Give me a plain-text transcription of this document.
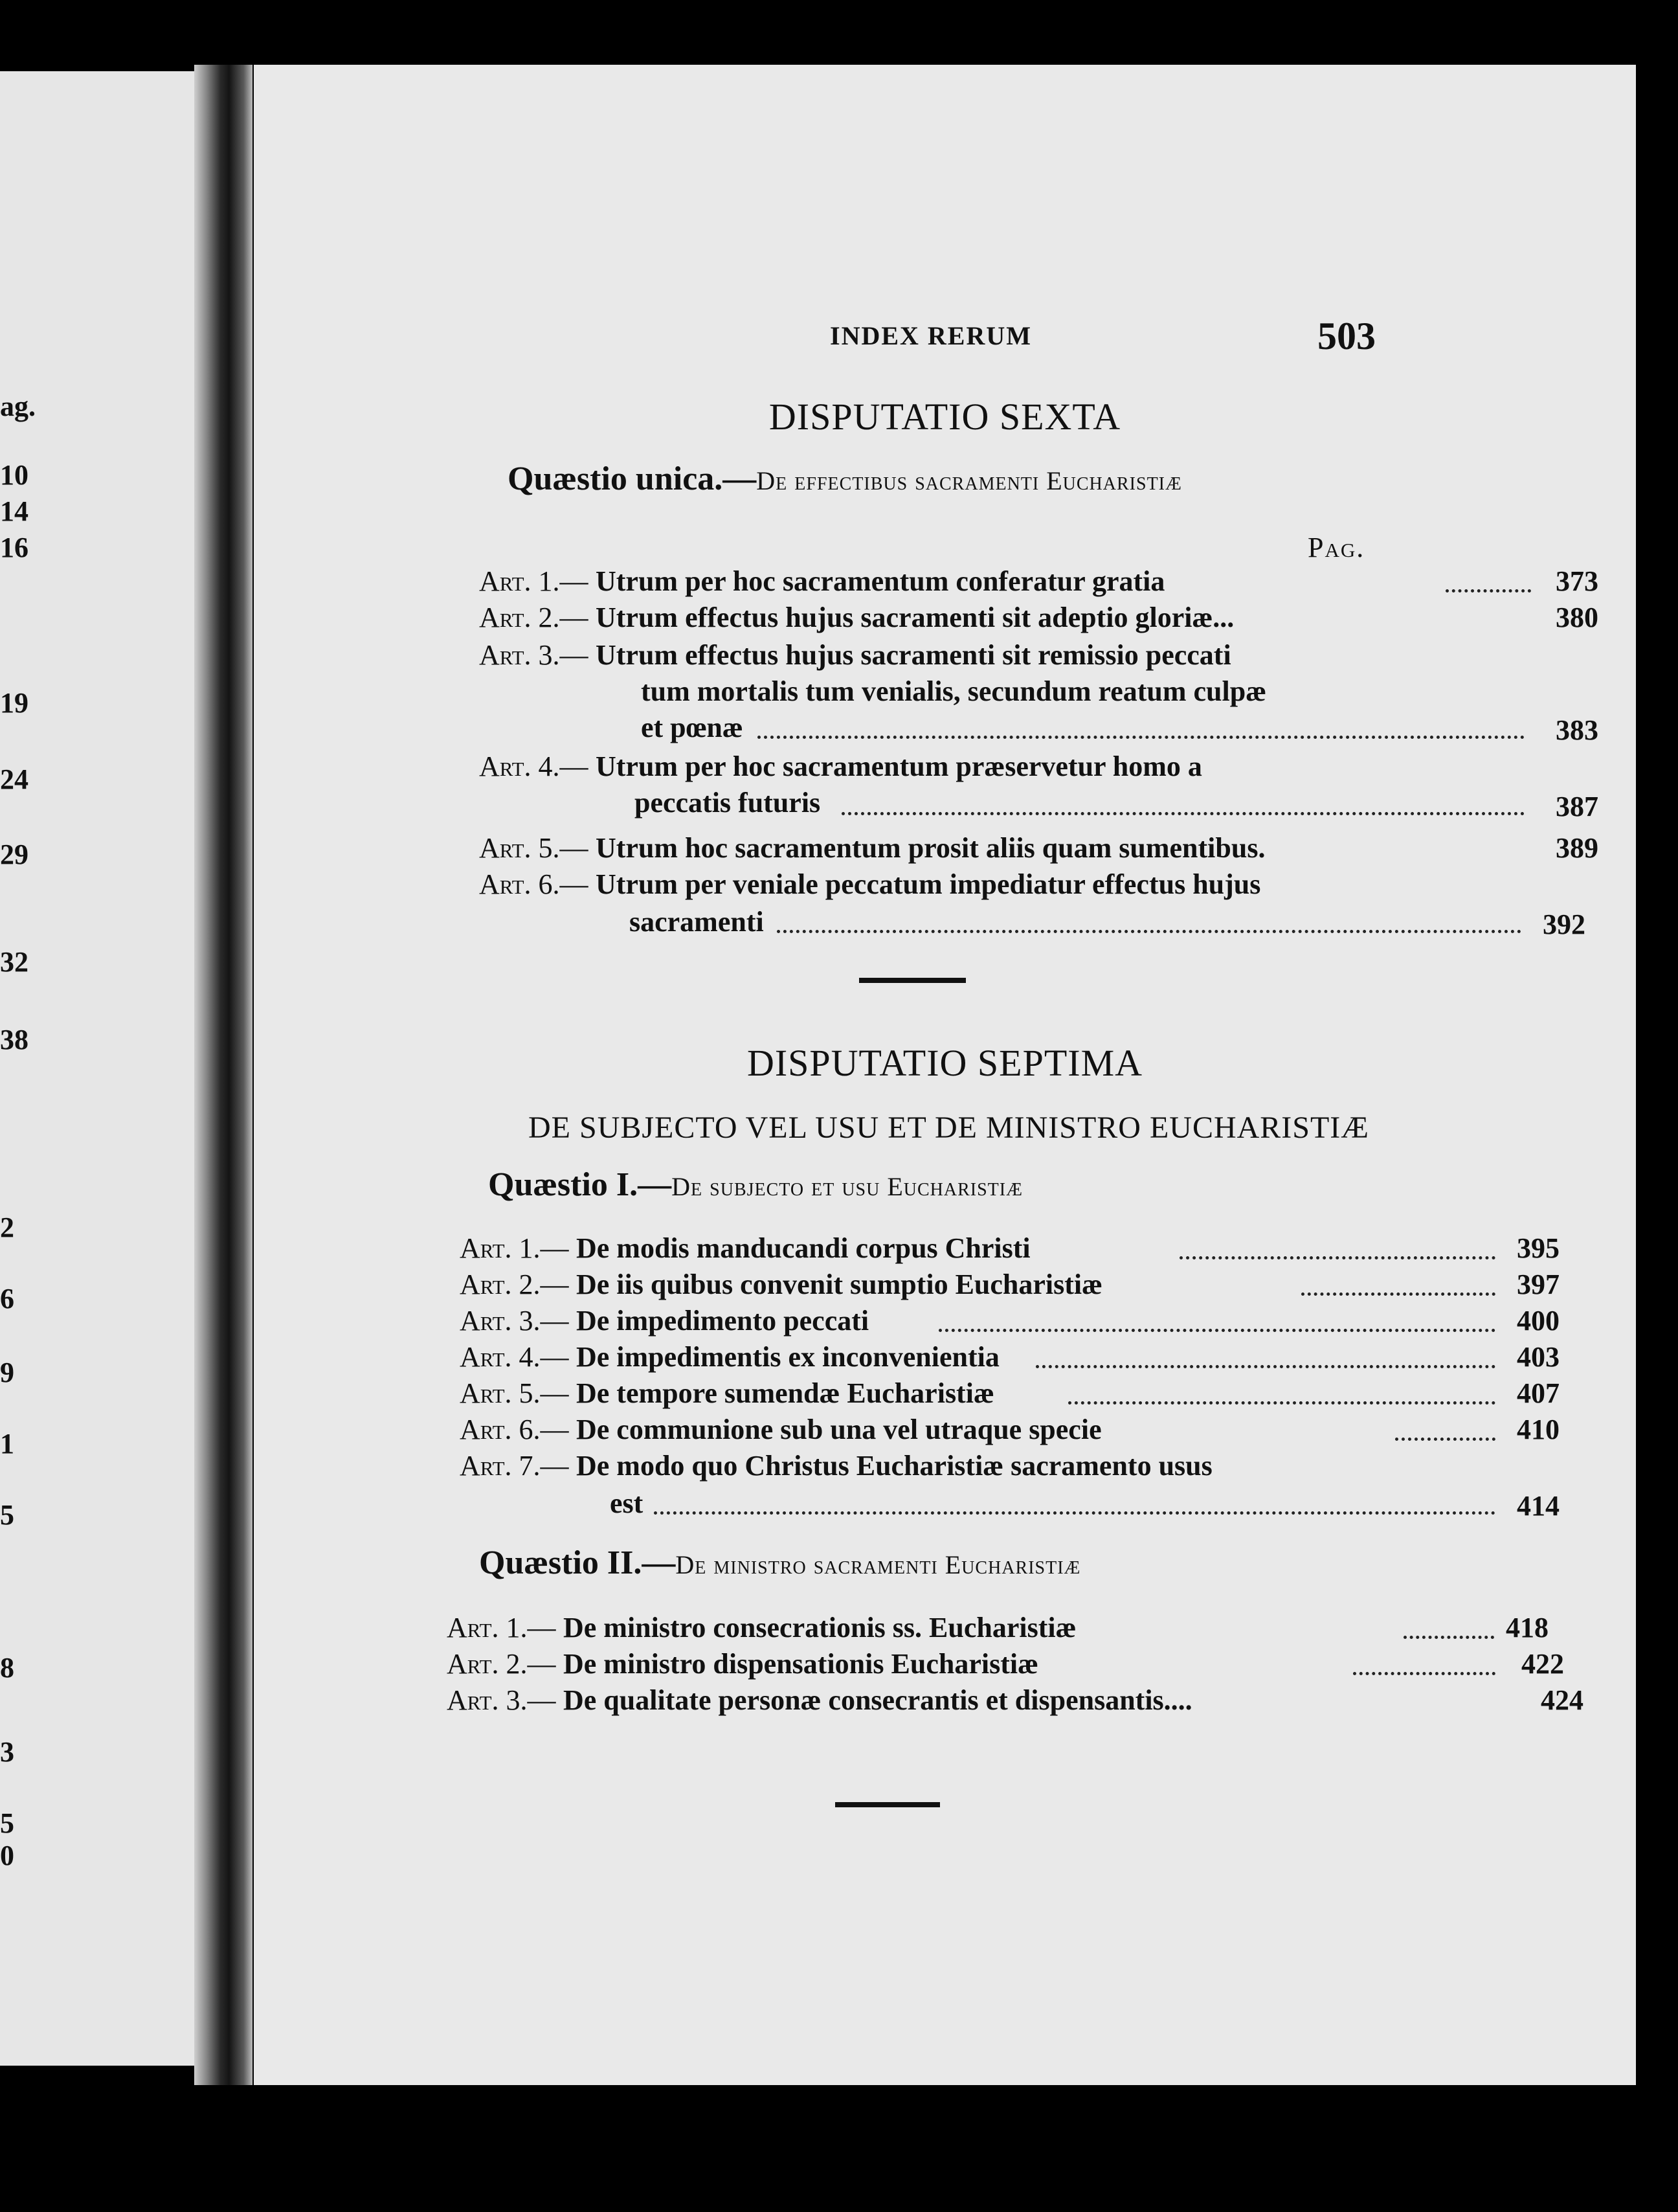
ag.
10
14
16
19
24
29
32
38
2
6
9
1
5
8
3
5
0
INDEX RERUM	503
DISPUTATIO SEXTA
Quæstio unica.—De effectibus sacramenti Eucharistiæ
Pag.
Art. 1.— Utrum per hoc sacramentum conferatur gratia	373
Art. 2.— Utrum effectus hujus sacramenti sit adeptio gloriæ...	380
Art. 3.— Utrum effectus hujus sacramenti sit remissio peccati
tum mortalis tum venialis, secundum reatum culpæ
et pœnæ	383
Art. 4.— Utrum per hoc sacramentum præservetur homo a
peccatis futuris	387
Art. 5.— Utrum hoc sacramentum prosit aliis quam sumentibus.	389
Art. 6.— Utrum per veniale peccatum impediatur effectus hujus
sacramenti	392
DISPUTATIO SEPTIMA
DE SUBJECTO VEL USU ET DE MINISTRO EUCHARISTIÆ
Quæstio I.—De subjecto et usu Eucharistiæ
Art. 1.— De modis manducandi corpus Christi	395
Art. 2.— De iis quibus convenit sumptio Eucharistiæ	397
Art. 3.— De impedimento peccati	400
Art. 4.— De impedimentis ex inconvenientia	403
Art. 5.— De tempore sumendæ Eucharistiæ	407
Art. 6.— De communione sub una vel utraque specie	410
Art. 7.— De modo quo Christus Eucharistiæ sacramento usus
est	414
Quæstio II.—De ministro sacramenti Eucharistiæ
Art. 1.— De ministro consecrationis ss. Eucharistiæ	418
Art. 2.— De ministro dispensationis Eucharistiæ	422
Art. 3.— De qualitate personæ consecrantis et dispensantis....	424
